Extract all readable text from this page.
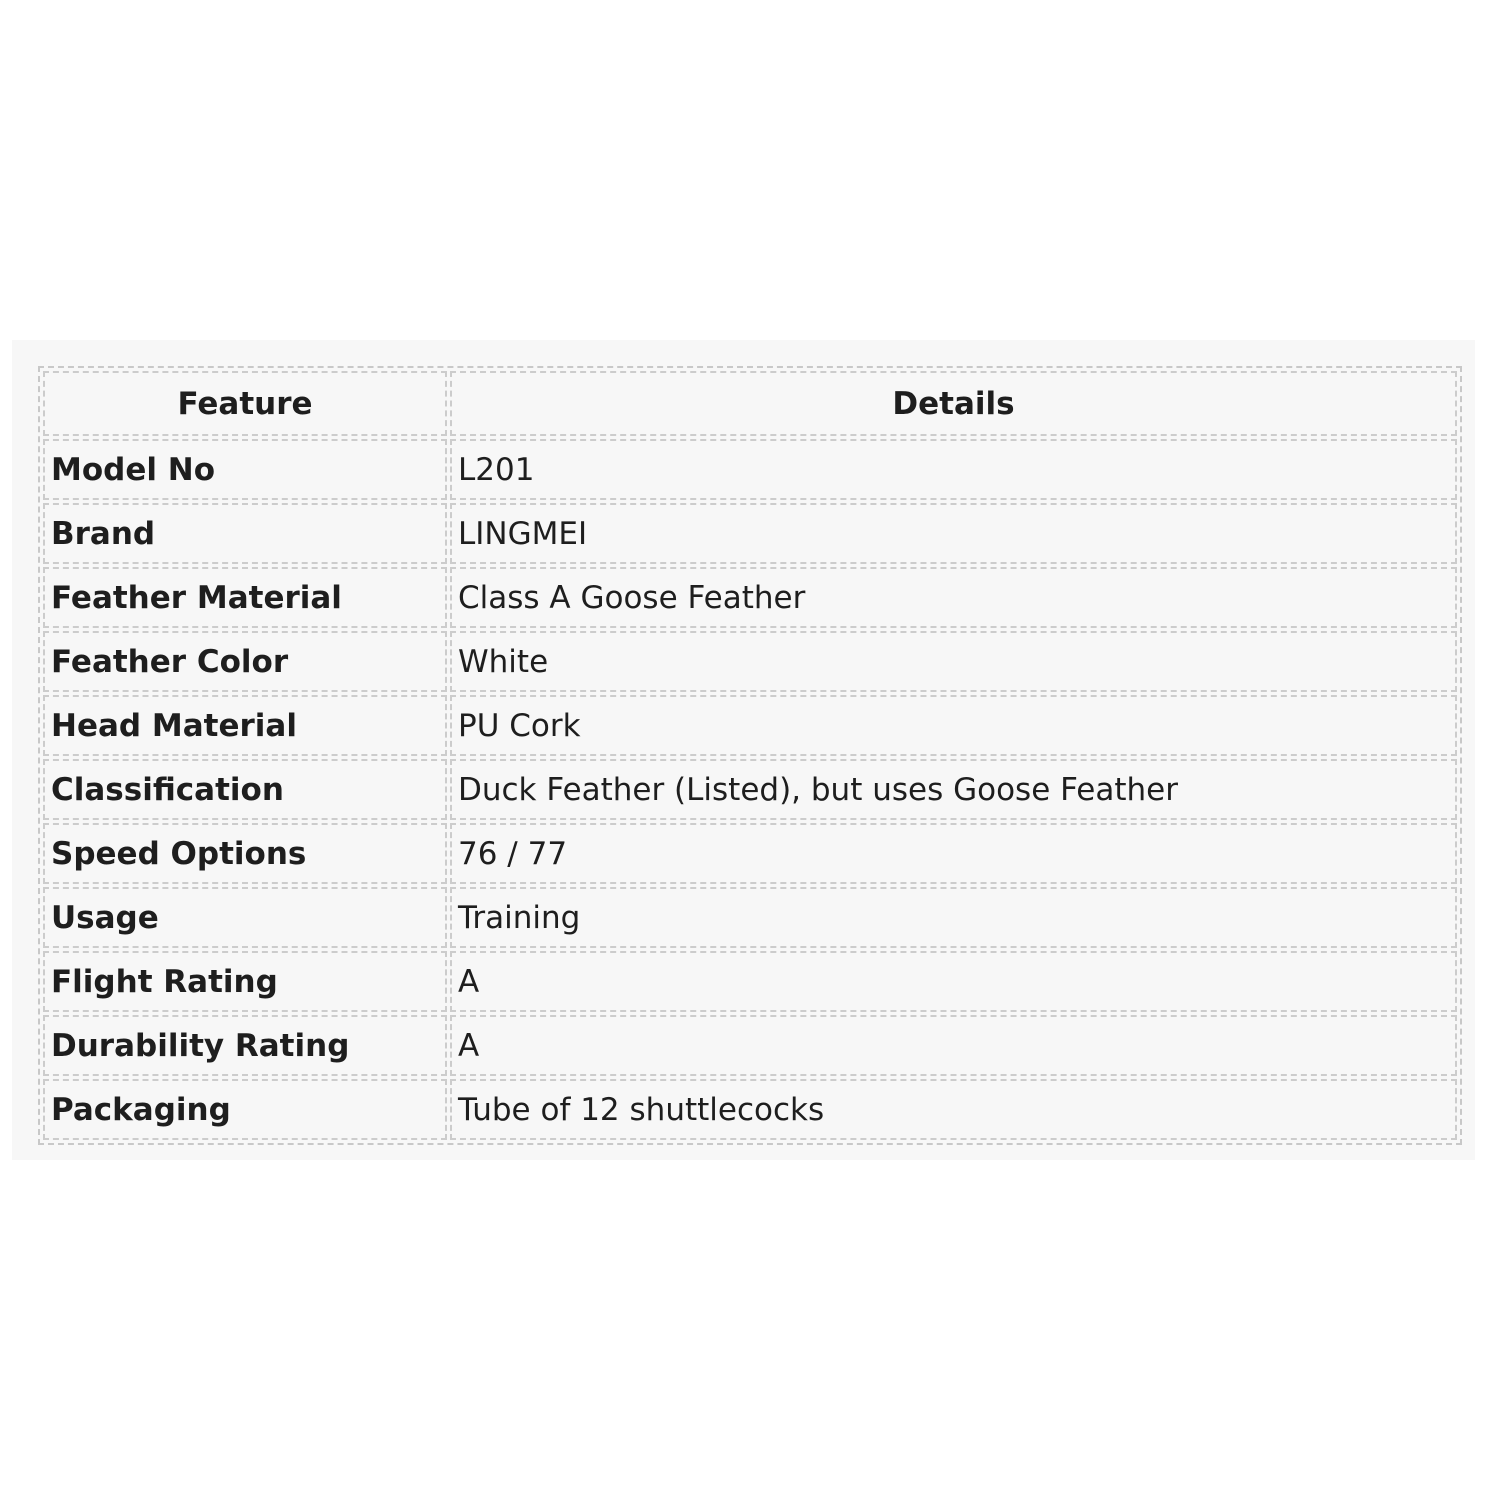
Feature	Details
Model No	L201
Brand	LINGMEI
Feather Material	Class A Goose Feather
Feather Color	White
Head Material	PU Cork
Classification	Duck Feather (Listed), but uses Goose Feather
Speed Options	76 / 77
Usage	Training
Flight Rating	A
Durability Rating	A
Packaging	Tube of 12 shuttlecocks
